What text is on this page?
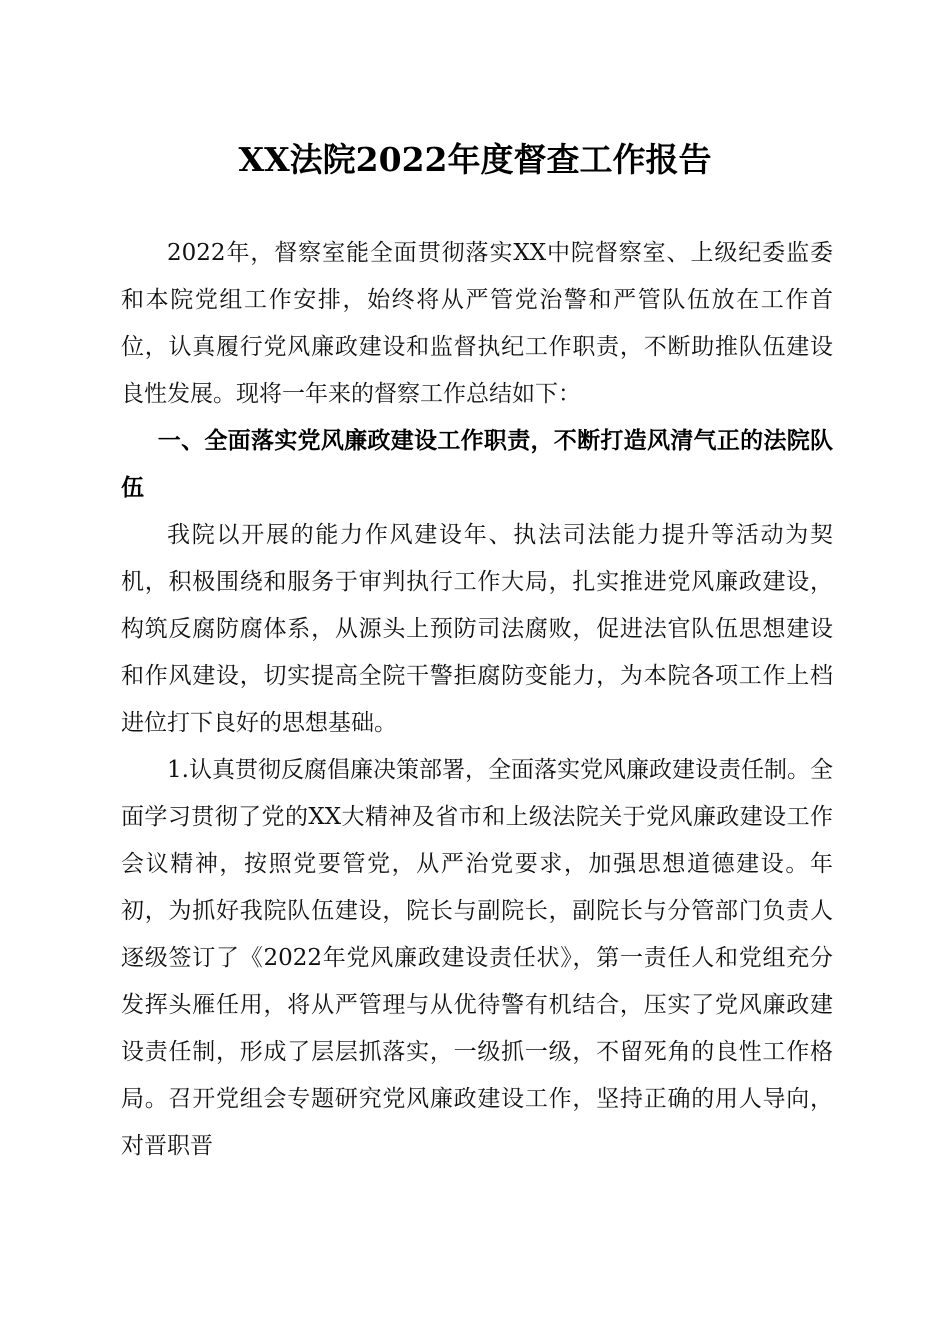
XX法院2022年度督查工作报告

2022年，督察室能全面贯彻落实XX中院督察室、上级纪委监委和本院党组工作安排，始终将从严管党治警和严管队伍放在工作首位，认真履行党风廉政建设和监督执纪工作职责，不断助推队伍建设良性发展。现将一年来的督察工作总结如下：

一、全面落实党风廉政建设工作职责，不断打造风清气正的法院队伍

我院以开展的能力作风建设年、执法司法能力提升等活动为契机，积极围绕和服务于审判执行工作大局，扎实推进党风廉政建设，构筑反腐防腐体系，从源头上预防司法腐败，促进法官队伍思想建设和作风建设，切实提高全院干警拒腐防变能力，为本院各项工作上档进位打下良好的思想基础。

1.认真贯彻反腐倡廉决策部署，全面落实党风廉政建设责任制。全面学习贯彻了党的XX大精神及省市和上级法院关于党风廉政建设工作会议精神，按照党要管党，从严治党要求，加强思想道德建设。年初，为抓好我院队伍建设，院长与副院长，副院长与分管部门负责人逐级签订了《2022年党风廉政建设责任状》，第一责任人和党组充分发挥头雁任用，将从严管理与从优待警有机结合，压实了党风廉政建设责任制，形成了层层抓落实，一级抓一级，不留死角的良性工作格局。召开党组会专题研究党风廉政建设工作，坚持正确的用人导向，对晋职晋
